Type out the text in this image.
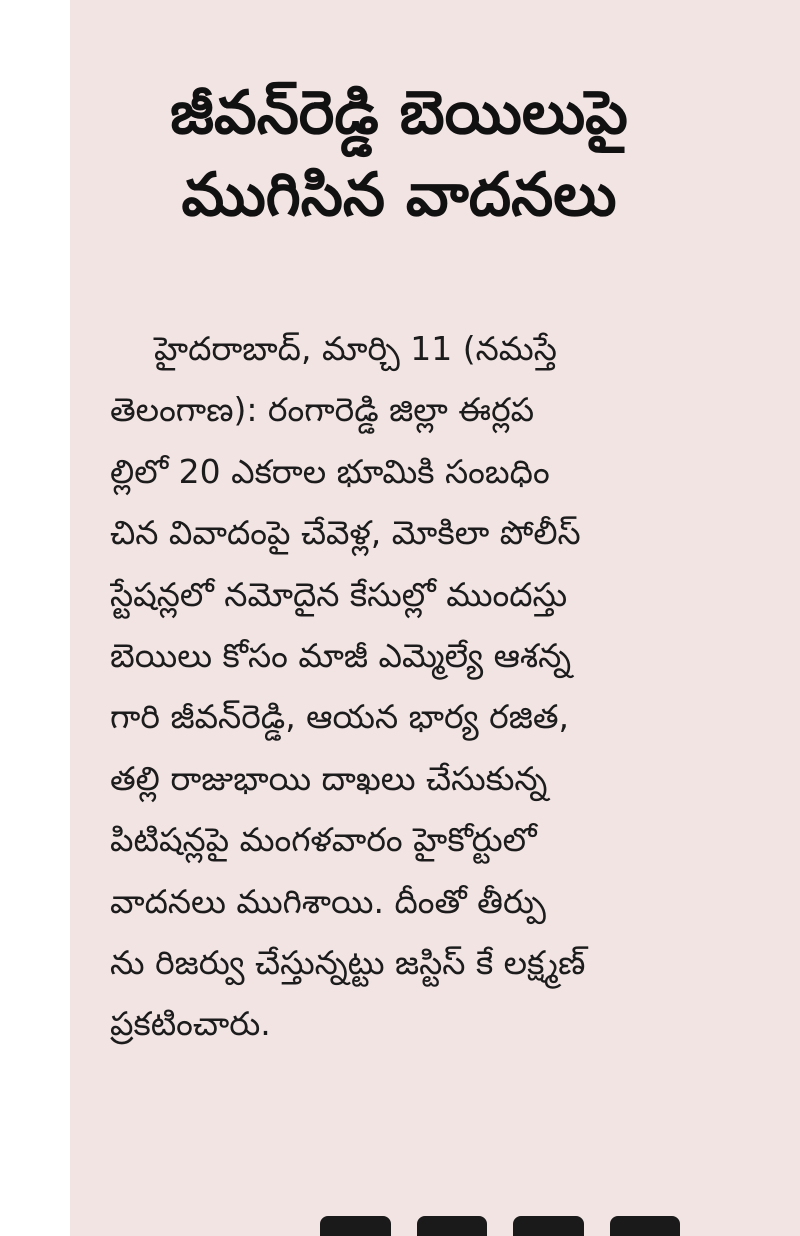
జీవన్‌రెడ్డి బెయిలుపై
ముగిసిన వాదనలు
హైదరాబాద్, మార్చి 11 (నమస్తే
తెలంగాణ): రంగారెడ్డి జిల్లా ఈర్లప
ల్లిలో 20 ఎకరాల భూమికి సంబధిం
చిన వివాదంపై చేవెళ్ల, మోకిలా పోలీస్
స్టేషన్లలో నమోదైన కేసుల్లో ముందస్తు
బెయిలు కోసం మాజీ ఎమ్మెల్యే ఆశన్న
గారి జీవన్‌రెడ్డి, ఆయన భార్య రజిత,
తల్లి రాజుభాయి దాఖలు చేసుకున్న
పిటిషన్లపై మంగళవారం హైకోర్టులో
వాదనలు ముగిశాయి. దీంతో తీర్పు
ను రిజర్వు చేస్తున్నట్టు జస్టిస్ కే లక్ష్మణ్
ప్రకటించారు.
